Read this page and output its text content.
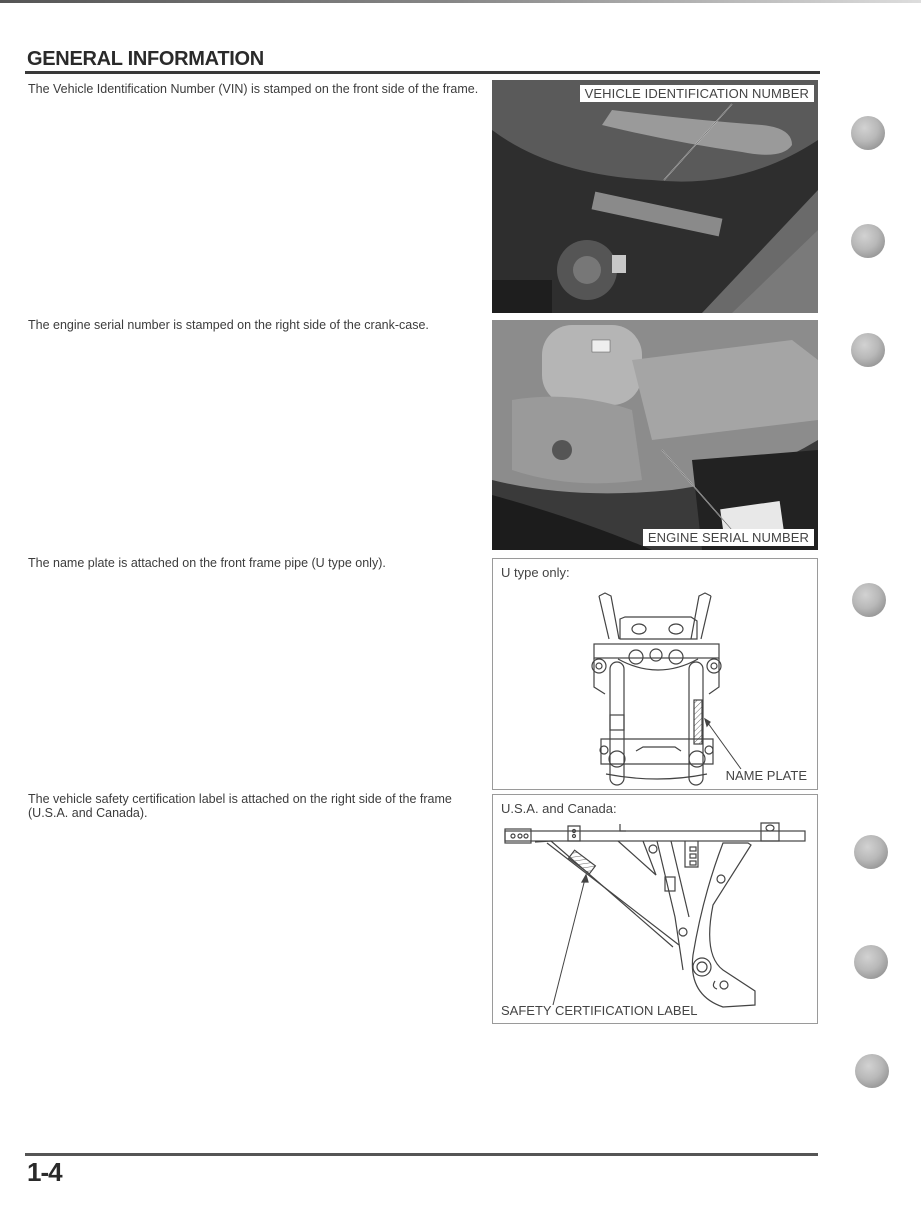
GENERAL INFORMATION

The Vehicle Identification Number (VIN) is stamped on the front side of the frame.	VEHICLE IDENTIFICATION NUMBER

The engine serial number is stamped on the right side of the crank-case.

ENGINE SERIAL NUMBER

The name plate is attached on the front frame pipe (U type only).

U type only:
NAME PLATE

The vehicle safety certification label is attached on the right side of the frame (U.S.A. and Canada).	U.S.A. and Canada:
SAFETY CERTIFICATION LABEL
1-4
